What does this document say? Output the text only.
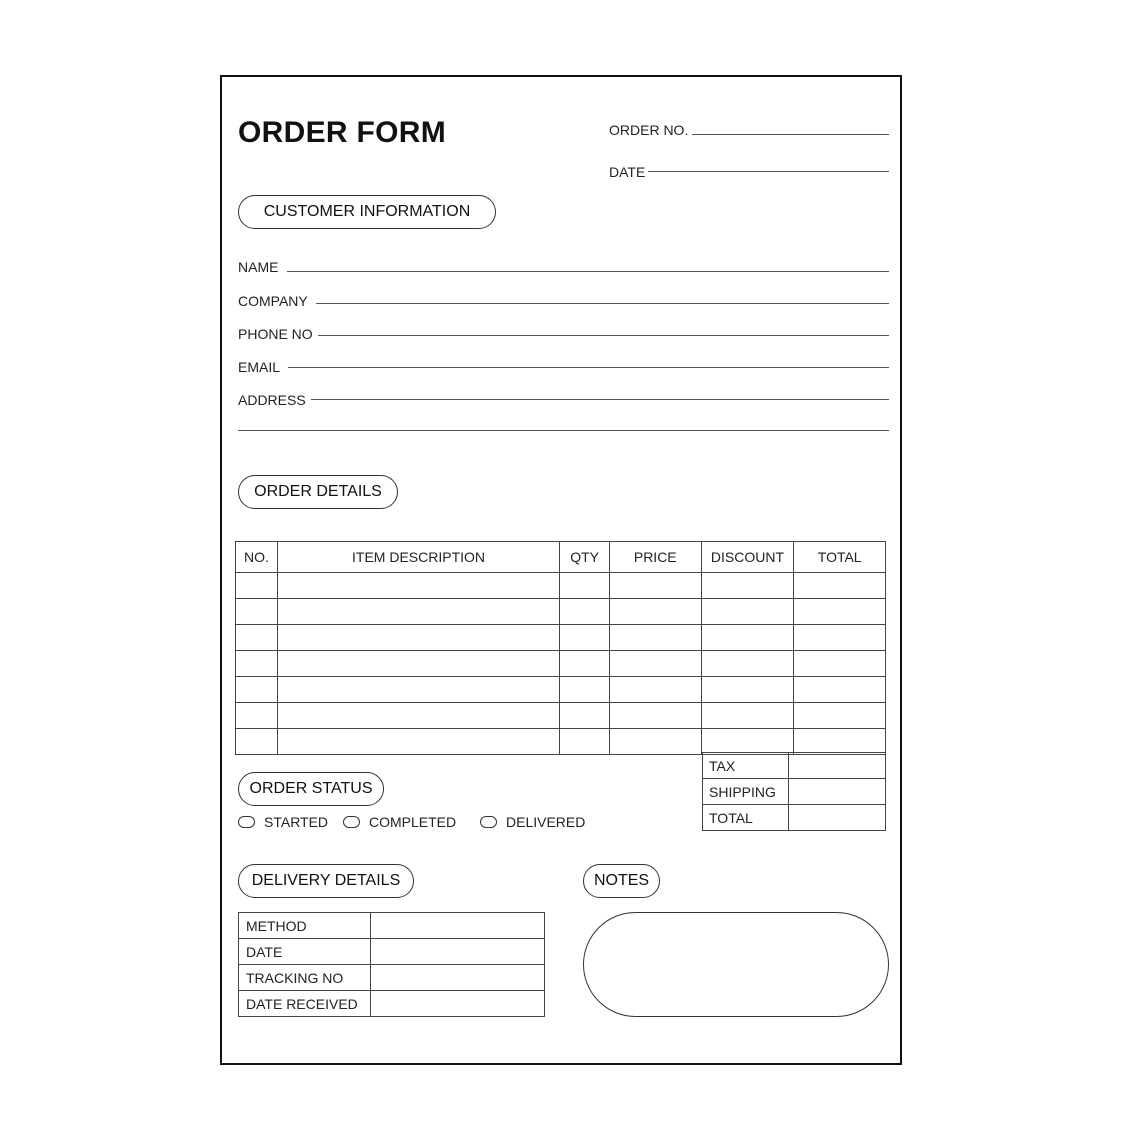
ORDER FORM	ORDER NO.
DATE
CUSTOMER INFORMATION
NAME
COMPANY
PHONE NO
EMAIL
ADDRESS
ORDER DETAILS
NO.	ITEM DESCRIPTION	QTY	PRICE	DISCOUNT	TOTAL

TAX	
SHIPPING	
TOTAL	
ORDER STATUS
STARTED	COMPLETED	DELIVERED
DELIVERY DETAILS
METHOD	
DATE	
TRACKING NO	
DATE RECEIVED	
NOTES
